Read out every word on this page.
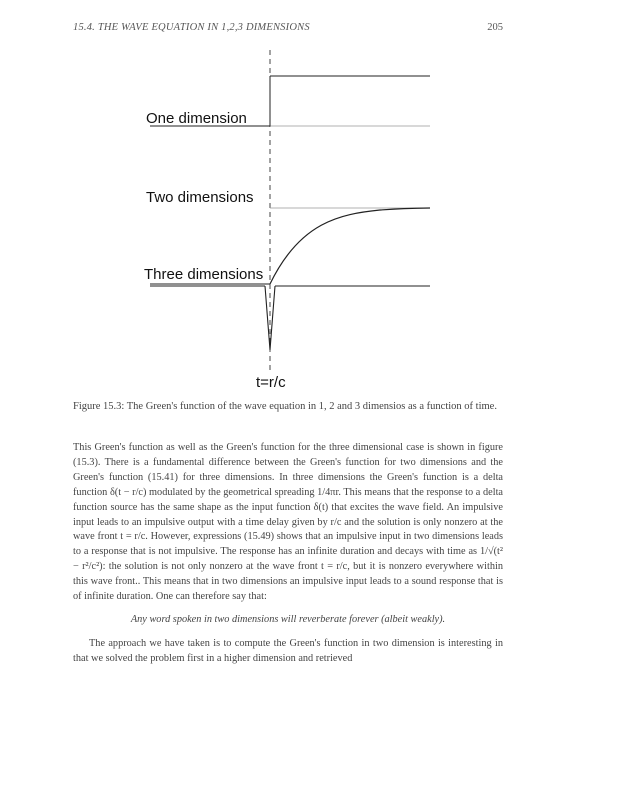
15.4. THE WAVE EQUATION IN 1,2,3 DIMENSIONS	205
One dimension
Two dimensions
Three dimensions
t=r/c
Figure 15.3: The Green's function of the wave equation in 1, 2 and 3 dimensios as a function of time.

This Green's function as well as the Green's function for the three dimensional case is shown in figure (15.3). There is a fundamental difference between the Green's function for two dimensions and the Green's function (15.41) for three dimensions. In three dimensions the Green's function is a delta function δ(t − r/c) modulated by the geometrical spreading 1/4πr. This means that the response to a delta function source has the same shape as the input function δ(t) that excites the wave field. An impulsive input leads to an impulsive output with a time delay given by r/c and the solution is only nonzero at the wave front t = r/c. However, expressions (15.49) shows that an impulsive input in two dimensions leads to a response that is not impulsive. The response has an infinite duration and decays with time as 1/√(t² − r²/c²): the solution is not only nonzero at the wave front t = r/c, but it is nonzero everywhere within this wave front.. This means that in two dimensions an impulsive input leads to a sound response that is of infinite duration. One can therefore say that:

Any word spoken in two dimensions will reverberate forever (albeit weakly).

The approach we have taken is to compute the Green's function in two dimension is interesting in that we solved the problem first in a higher dimension and retrieved
